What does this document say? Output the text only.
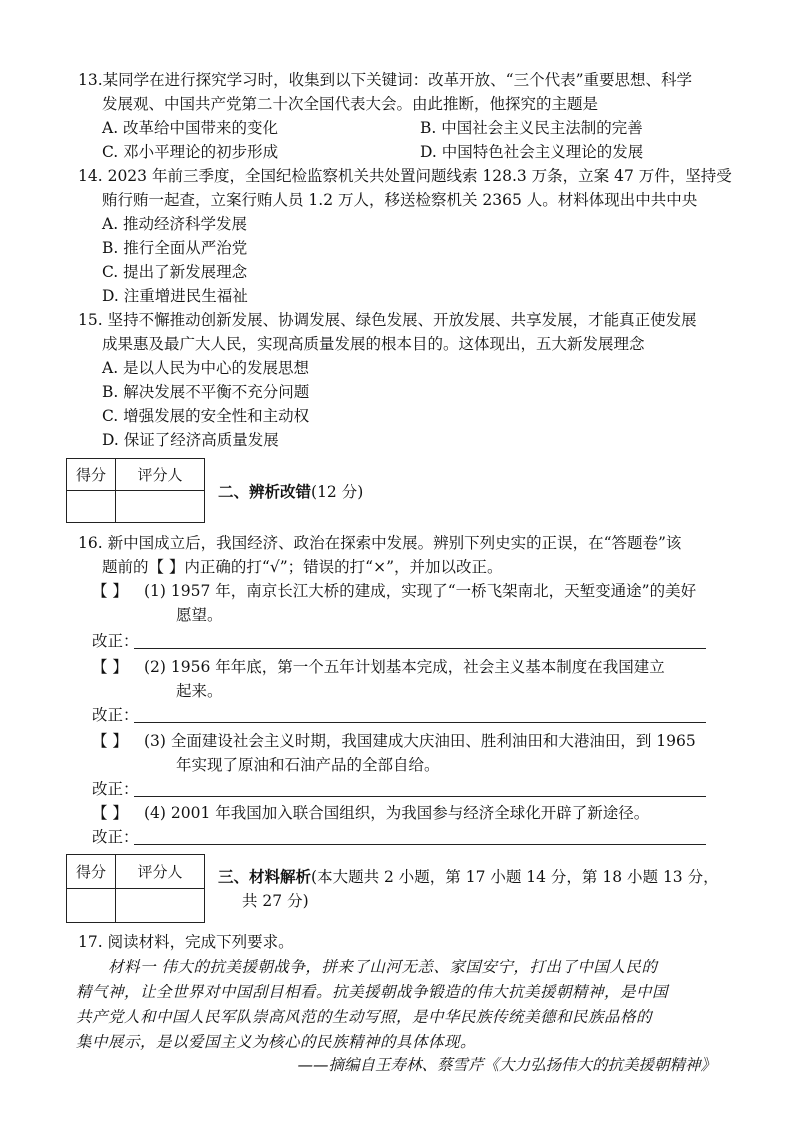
13.某同学在进行探究学习时，收集到以下关键词：改革开放、“三个代表”重要思想、科学
发展观、中国共产党第二十次全国代表大会。由此推断，他探究的主题是
A. 改革给中国带来的变化	B. 中国社会主义民主法制的完善
C. 邓小平理论的初步形成	D. 中国特色社会主义理论的发展
14. 2023 年前三季度，全国纪检监察机关共处置问题线索 128.3 万条，立案 47 万件，坚持受
贿行贿一起查，立案行贿人员 1.2 万人，移送检察机关 2365 人。材料体现出中共中央
A. 推动经济科学发展
B. 推行全面从严治党
C. 提出了新发展理念
D. 注重增进民生福祉
15. 坚持不懈推动创新发展、协调发展、绿色发展、开放发展、共享发展，才能真正使发展
成果惠及最广大人民，实现高质量发展的根本目的。这体现出，五大新发展理念
A. 是以人民为中心的发展思想
B. 解决发展不平衡不充分问题
C. 增强发展的安全性和主动权
D. 保证了经济高质量发展
得分	评分人

二、辨析改错(12 分)
16. 新中国成立后，我国经济、政治在探索中发展。辨别下列史实的正误，在“答题卷”该
题前的【 】内正确的打“√”；错误的打“×”，并加以改正。
【 】 (1) 1957 年，南京长江大桥的建成，实现了“一桥飞架南北，天堑变通途”的美好
愿望。
改正：
【 】 (2) 1956 年年底，第一个五年计划基本完成，社会主义基本制度在我国建立
起来。
改正：
【 】 (3) 全面建设社会主义时期，我国建成大庆油田、胜利油田和大港油田，到 1965
年实现了原油和石油产品的全部自给。
改正：
【 】 (4) 2001 年我国加入联合国组织，为我国参与经济全球化开辟了新途径。
改正：
得分	评分人
	三、材料解析(本大题共 2 小题，第 17 小题 14 分，第 18 小题 13 分，
共 27 分)
17. 阅读材料，完成下列要求。
材料一 伟大的抗美援朝战争，拼来了山河无恙、家国安宁，打出了中国人民的
精气神，让全世界对中国刮目相看。抗美援朝战争锻造的伟大抗美援朝精神，是中国
共产党人和中国人民军队崇高风范的生动写照，是中华民族传统美德和民族品格的
集中展示，是以爱国主义为核心的民族精神的具体体现。
——摘编自王寿林、蔡雪芹《大力弘扬伟大的抗美援朝精神》
